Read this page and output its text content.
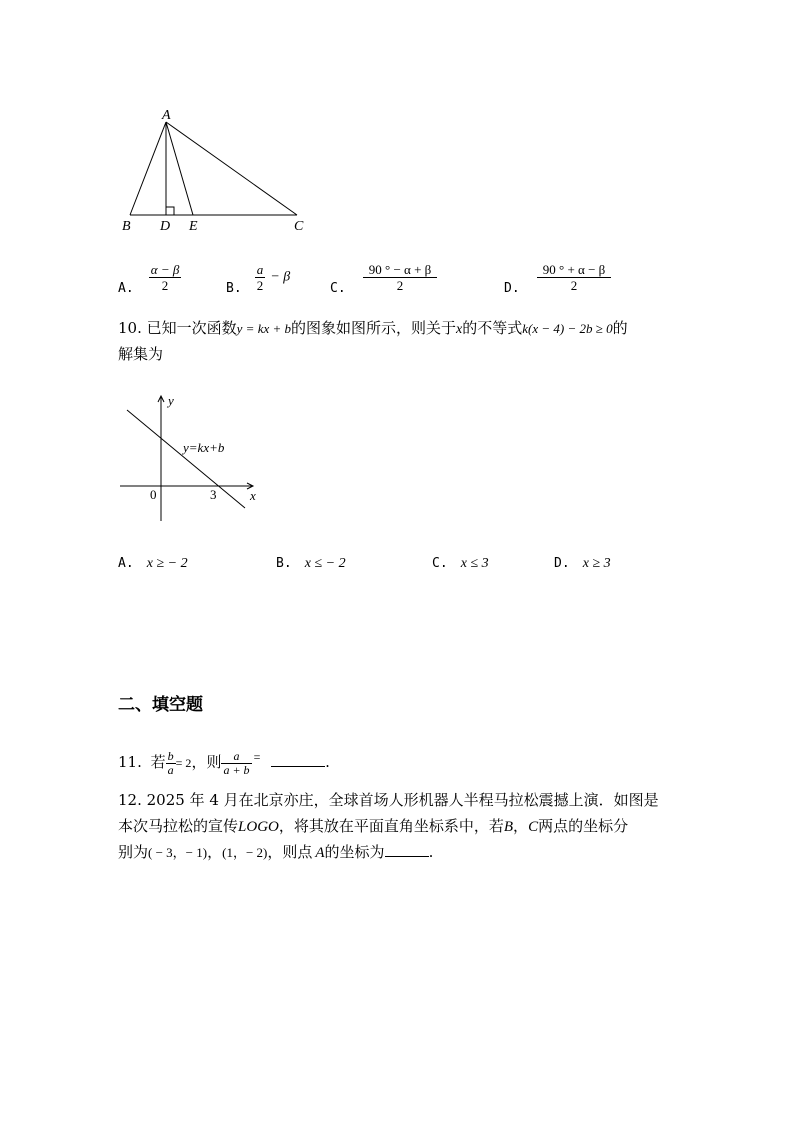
A
B D E	C
$_{A.} \frac{\alpha - \beta}{2}$	$_{B.} \frac{a}{2} - \beta$
$_{C.} \frac{90 ^\circ - \alpha + \beta}{2}$	$_{D.} \frac{90 ^\circ + \alpha - \beta}{2}$
10. 已知一次函数y = kx + b的图象如图所示，则关于x的不等式k(x − 4) − 2b ≥ 0的
解集为
y
x
0	3
y=kx+b
A. x ≥ − 2	B. x ≤ − 2	C. x ≤ 3	D. x ≥ 3
二、填空题
11. 若 $\frac{b}{a} = 2$，则 $\frac{a}{a + b} ^=$	.
12. 2025 年 4 月在北京亦庄，全球首场人形机器人半程马拉松震撼上演．如图是
本次马拉松的宣传LOGO，将其放在平面直角坐标系中，若B，C两点的坐标分
别为( − 3，− 1)，(1，− 2)，则点 A的坐标为	.
